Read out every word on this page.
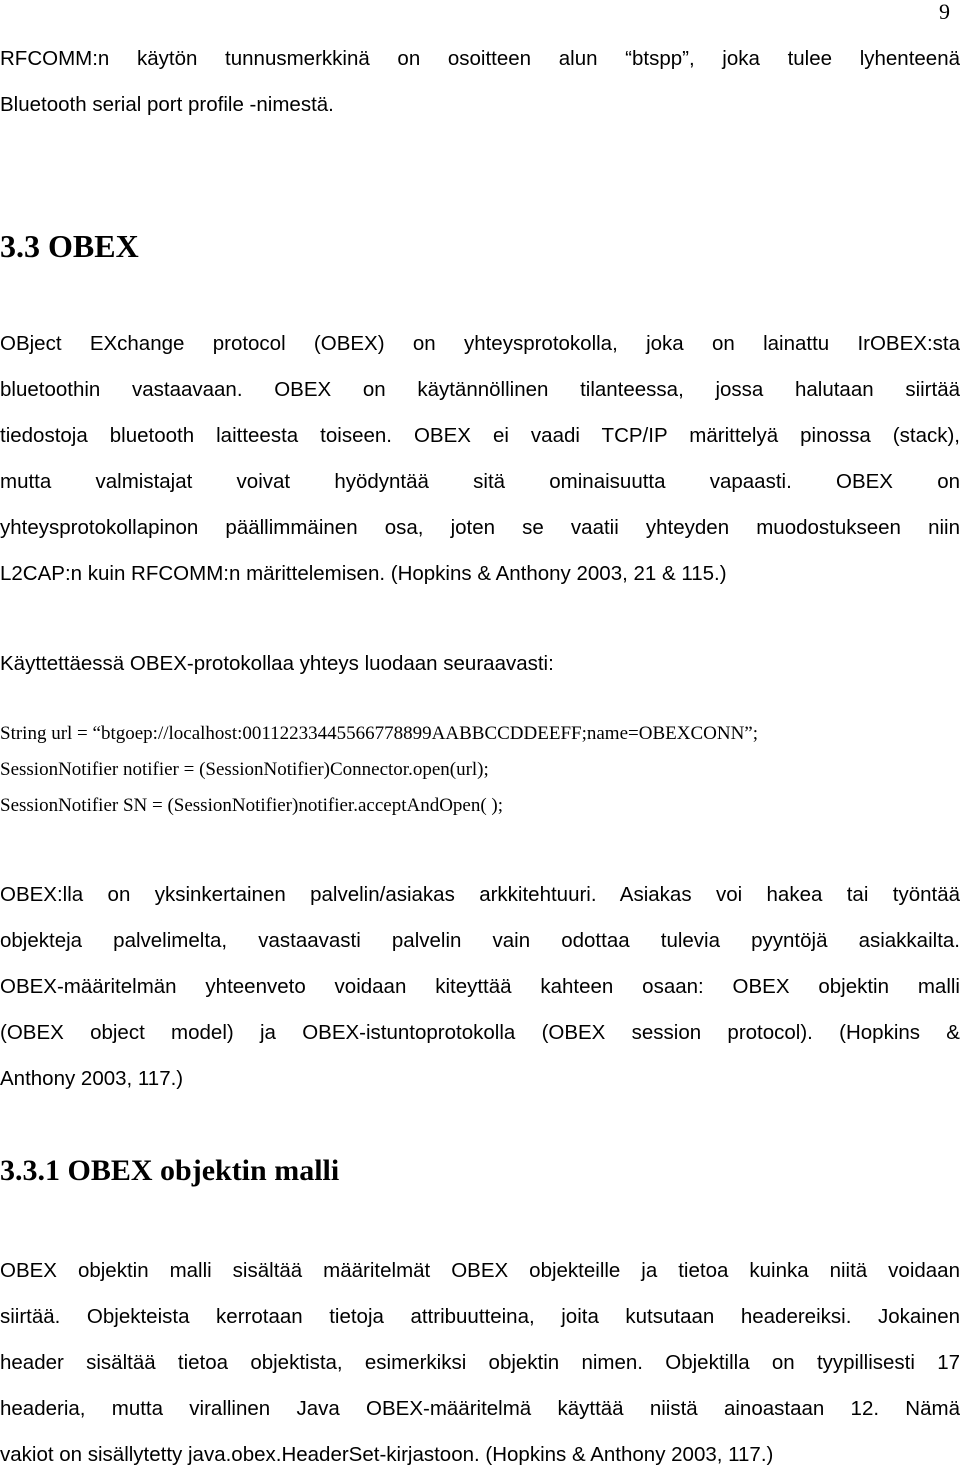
9
RFCOMM:n käytön tunnusmerkkinä on osoitteen alun “btspp”, joka tulee lyhenteenä
Bluetooth serial port profile -nimestä.
3.3 OBEX
OBject EXchange protocol (OBEX) on yhteysprotokolla, joka on lainattu IrOBEX:sta
bluetoothin vastaavaan. OBEX on käytännöllinen tilanteessa, jossa halutaan siirtää
tiedostoja bluetooth laitteesta toiseen. OBEX ei vaadi TCP/IP märittelyä pinossa (stack),
mutta valmistajat voivat hyödyntää sitä ominaisuutta vapaasti. OBEX on
yhteysprotokollapinon päällimmäinen osa, joten se vaatii yhteyden muodostukseen niin
L2CAP:n kuin RFCOMM:n märittelemisen. (Hopkins & Anthony 2003, 21 & 115.)
Käyttettäessä OBEX-protokollaa yhteys luodaan seuraavasti:
String url = “btgoep://localhost:00112233445566778899AABBCCDDEEFF;name=OBEXCONN”;
SessionNotifier notifier = (SessionNotifier)Connector.open(url);
SessionNotifier SN = (SessionNotifier)notifier.acceptAndOpen( );
OBEX:lla on yksinkertainen palvelin/asiakas arkkitehtuuri. Asiakas voi hakea tai työntää
objekteja palvelimelta, vastaavasti palvelin vain odottaa tulevia pyyntöjä asiakkailta.
OBEX-määritelmän yhteenveto voidaan kiteyttää kahteen osaan: OBEX objektin malli
(OBEX object model) ja OBEX-istuntoprotokolla (OBEX session protocol). (Hopkins &
Anthony 2003, 117.)
3.3.1 OBEX objektin malli
OBEX objektin malli sisältää määritelmät OBEX objekteille ja tietoa kuinka niitä voidaan
siirtää. Objekteista kerrotaan tietoja attribuutteina, joita kutsutaan headereiksi. Jokainen
header sisältää tietoa objektista, esimerkiksi objektin nimen. Objektilla on tyypillisesti 17
headeria, mutta virallinen Java OBEX-määritelmä käyttää niistä ainoastaan 12. Nämä
vakiot on sisällytetty java.obex.HeaderSet-kirjastoon. (Hopkins & Anthony 2003, 117.)
